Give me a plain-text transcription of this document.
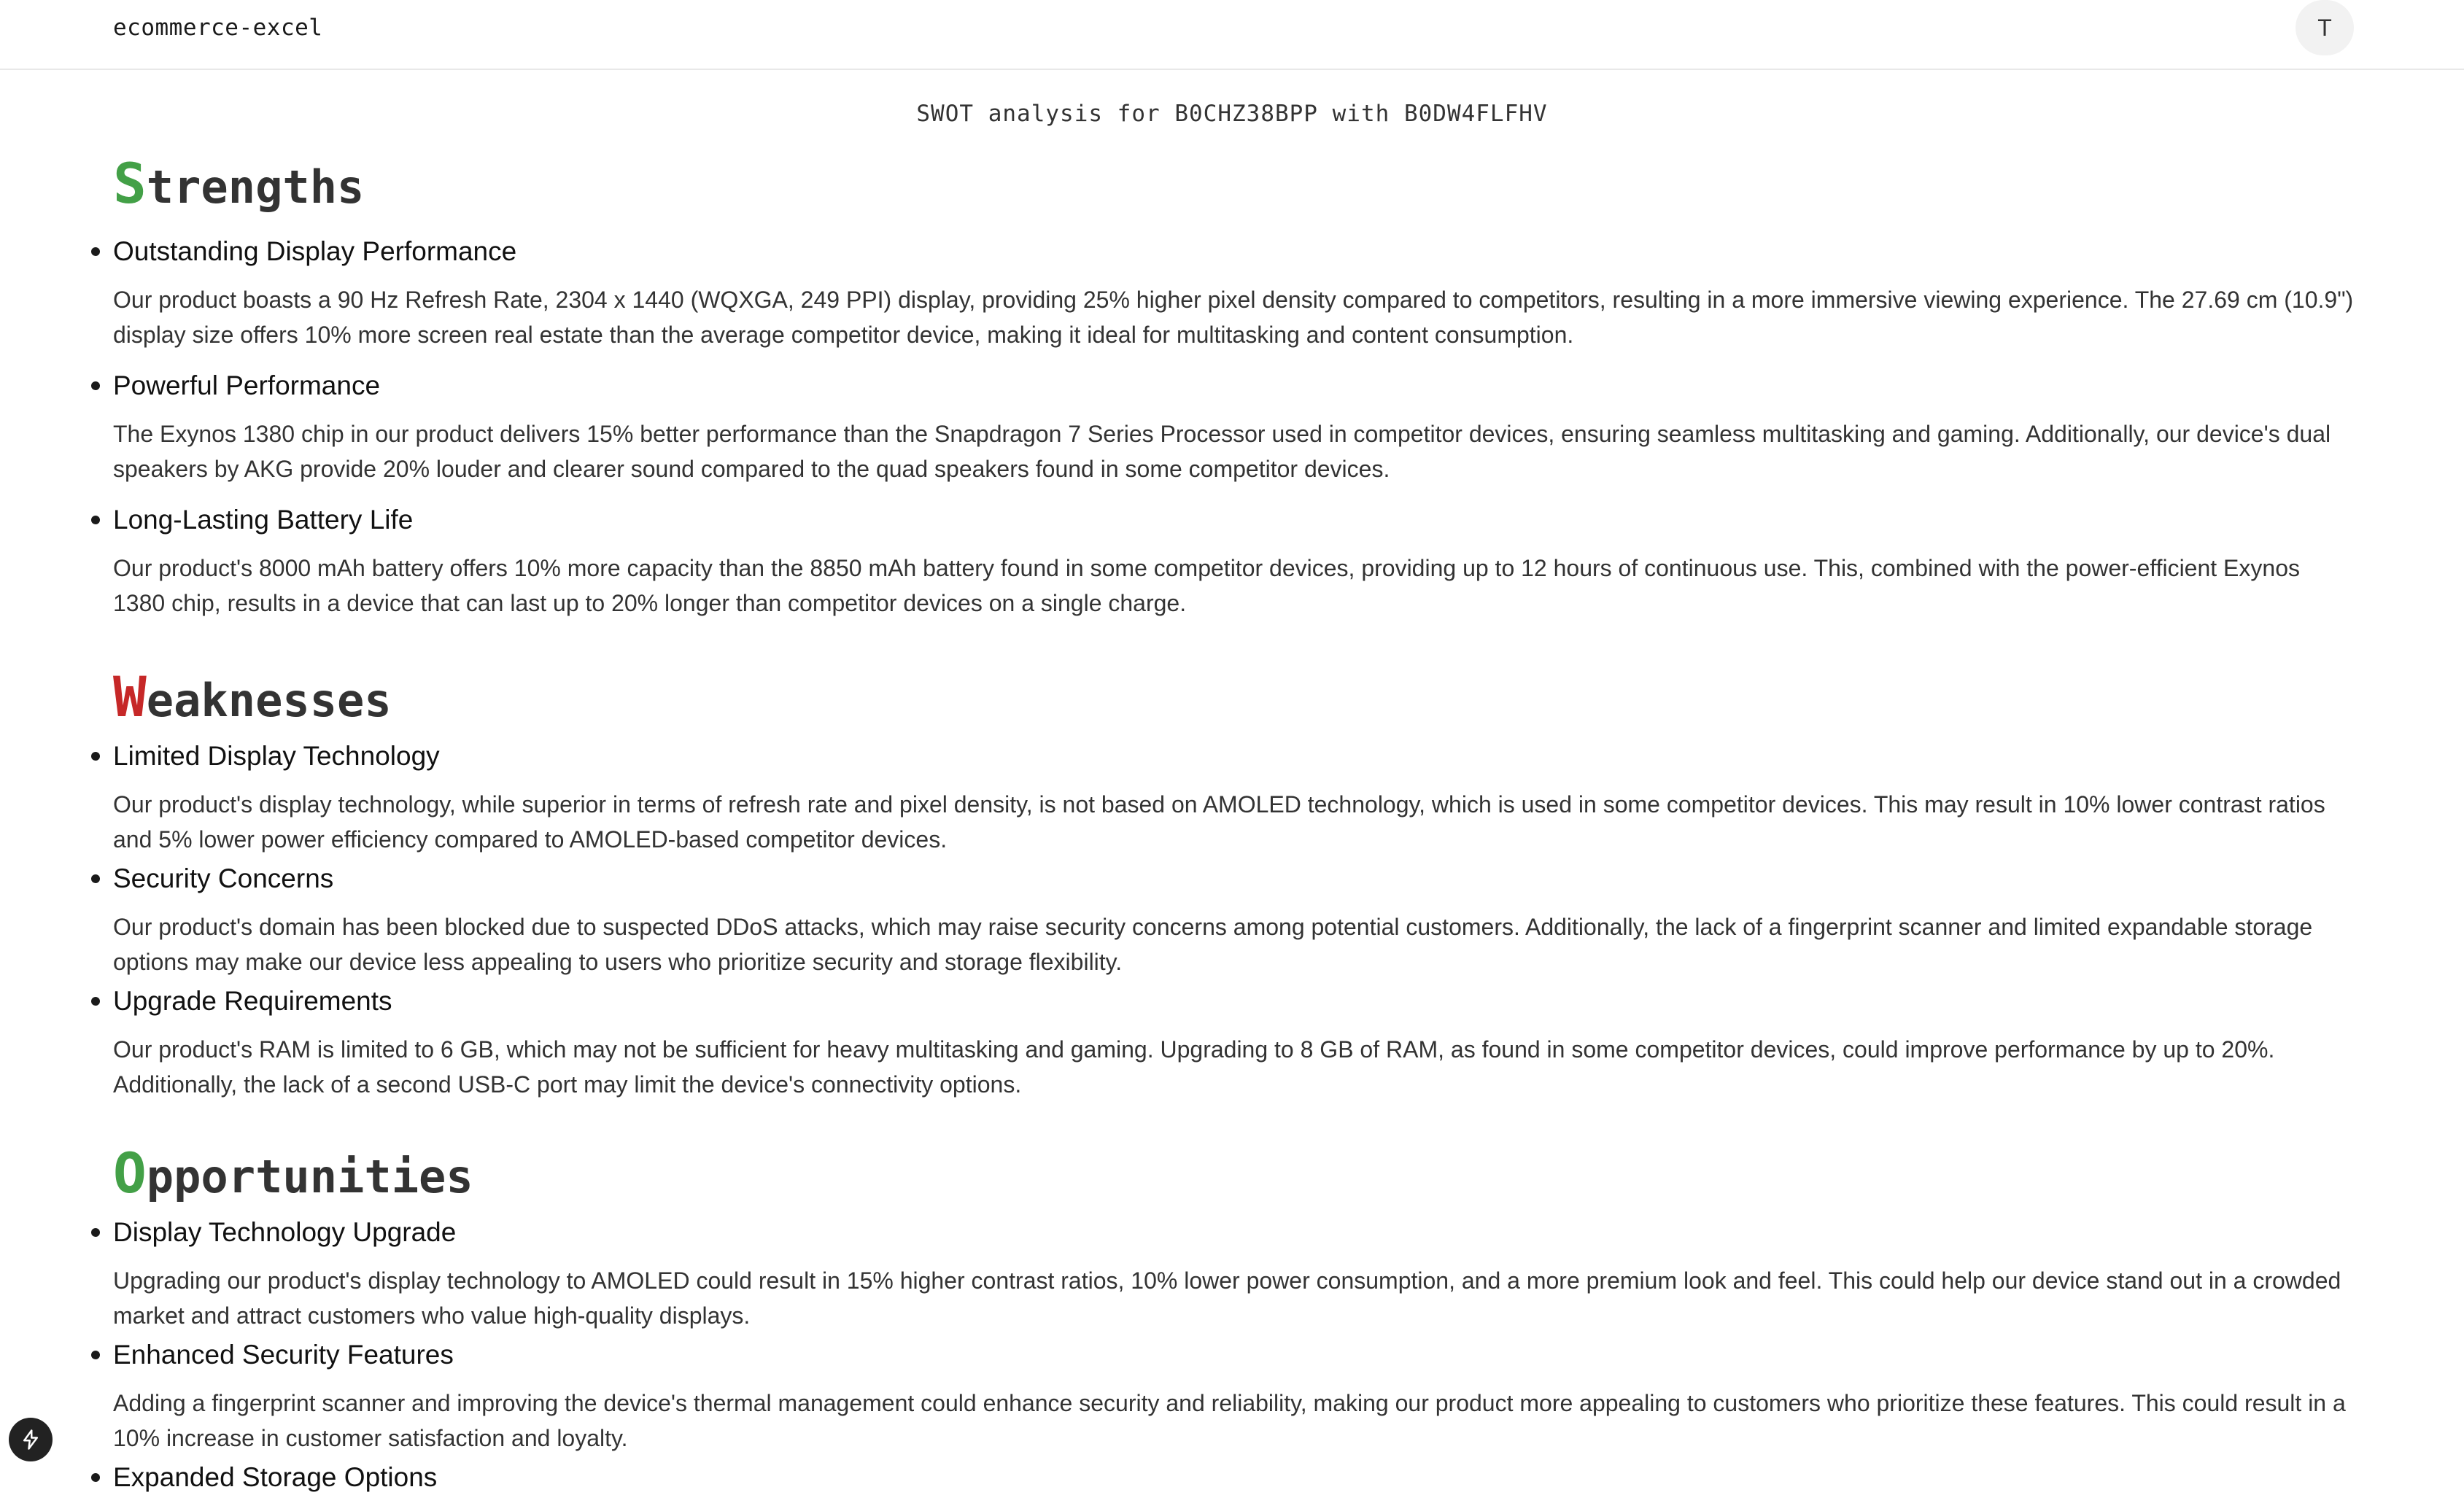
ecommerce-excel	T
SWOT analysis for B0CHZ38BPP with B0DW4FLFHV
Strengths

Outstanding Display Performance

Our product boasts a 90 Hz Refresh Rate, 2304 x 1440 (WQXGA, 249 PPI) display, providing 25% higher pixel density compared to competitors, resulting in a more immersive viewing experience. The 27.69 cm (10.9") display size offers 10% more screen real estate than the average competitor device, making it ideal for multitasking and content consumption.

Powerful Performance

The Exynos 1380 chip in our product delivers 15% better performance than the Snapdragon 7 Series Processor used in competitor devices, ensuring seamless multitasking and gaming. Additionally, our device's dual speakers by AKG provide 20% louder and clearer sound compared to the quad speakers found in some competitor devices.

Long-Lasting Battery Life

Our product's 8000 mAh battery offers 10% more capacity than the 8850 mAh battery found in some competitor devices, providing up to 12 hours of continuous use. This, combined with the power-efficient Exynos 1380 chip, results in a device that can last up to 20% longer than competitor devices on a single charge.

Weaknesses

Limited Display Technology

Our product's display technology, while superior in terms of refresh rate and pixel density, is not based on AMOLED technology, which is used in some competitor devices. This may result in 10% lower contrast ratios and 5% lower power efficiency compared to AMOLED-based competitor devices.

Security Concerns

Our product's domain has been blocked due to suspected DDoS attacks, which may raise security concerns among potential customers. Additionally, the lack of a fingerprint scanner and limited expandable storage options may make our device less appealing to users who prioritize security and storage flexibility.

Upgrade Requirements

Our product's RAM is limited to 6 GB, which may not be sufficient for heavy multitasking and gaming. Upgrading to 8 GB of RAM, as found in some competitor devices, could improve performance by up to 20%. Additionally, the lack of a second USB-C port may limit the device's connectivity options.

Opportunities

Display Technology Upgrade

Upgrading our product's display technology to AMOLED could result in 15% higher contrast ratios, 10% lower power consumption, and a more premium look and feel. This could help our device stand out in a crowded market and attract customers who value high-quality displays.

Enhanced Security Features

Adding a fingerprint scanner and improving the device's thermal management could enhance security and reliability, making our product more appealing to customers who prioritize these features. This could result in a 10% increase in customer satisfaction and loyalty.

Expanded Storage Options
